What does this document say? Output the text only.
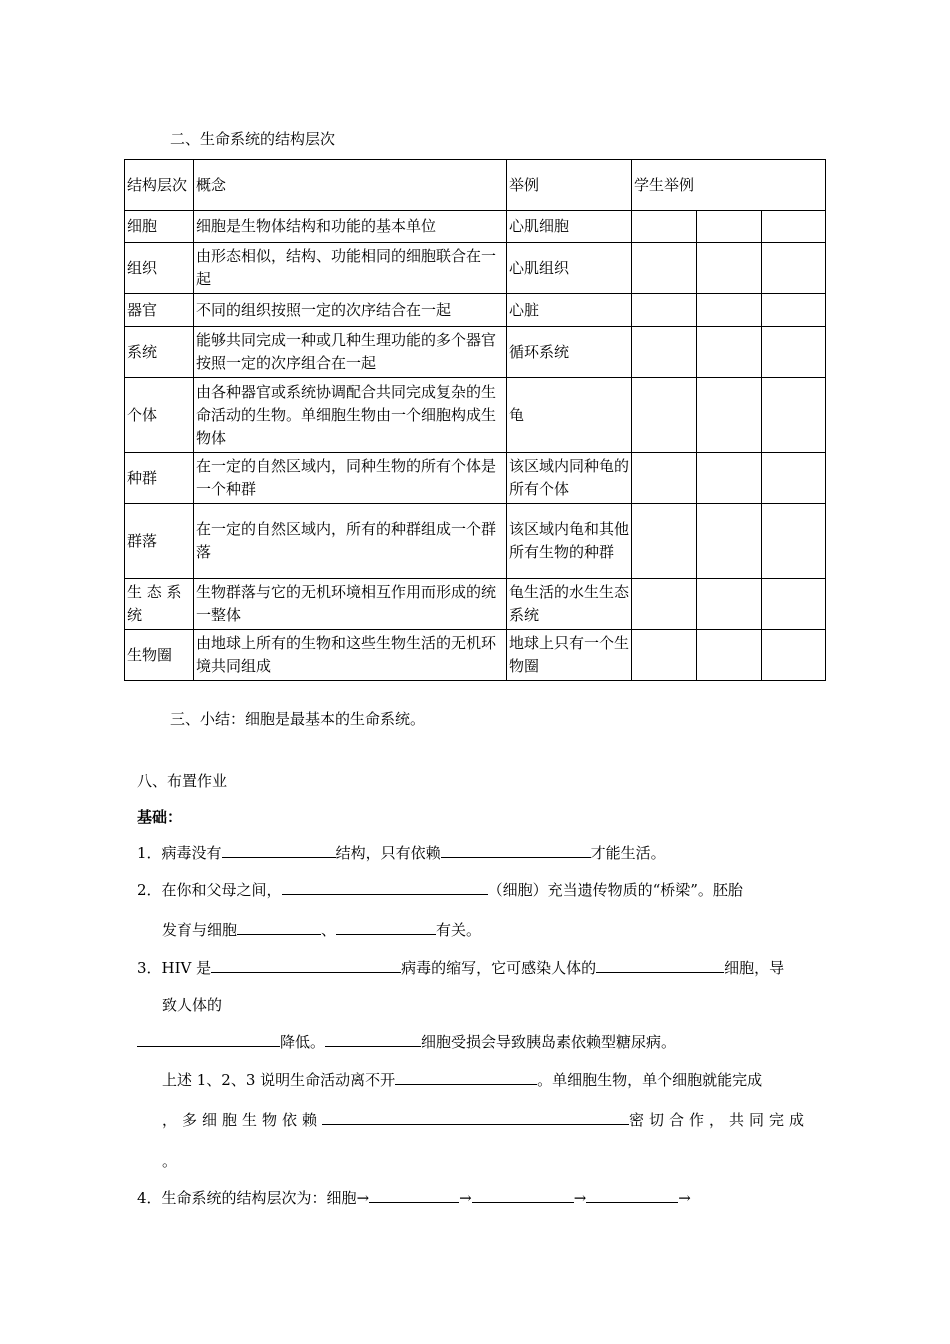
二、生命系统的结构层次
结构层次	概念	举例	学生举例		
细胞	细胞是生物体结构和功能的基本单位	心肌细胞			
组织	由形态相似，结构、功能相同的细胞联合在一起	心肌组织			
器官	不同的组织按照一定的次序结合在一起	心脏			
系统	能够共同完成一种或几种生理功能的多个器官按照一定的次序组合在一起	循环系统			
个体	由各种器官或系统协调配合共同完成复杂的生命活动的生物。单细胞生物由一个细胞构成生物体	龟			
种群	在一定的自然区域内，同种生物的所有个体是一个种群	该区域内同种龟的所有个体			
群落	在一定的自然区域内，所有的种群组成一个群落	该区域内龟和其他所有生物的种群			
生 态 系统	生物群落与它的无机环境相互作用而形成的统一整体	龟生活的水生生态系统			
生物圈	由地球上所有的生物和这些生物生活的无机环境共同组成	地球上只有一个生物圈			
三、小结：细胞是最基本的生命系统。
八、布置作业
基础：
1．病毒没有	结构，只有依赖	才能生活。
2．在你和父母之间，	（细胞）充当遗传物质的“桥梁”。胚胎
发育与细胞	、	有关。
3．HIV 是	病毒的缩写，它可感染人体的	细胞，导
致人体的
降低。	细胞受损会导致胰岛素依赖型糖尿病。
上述 1、2、3 说明生命活动离不开	。单细胞生物，单个细胞就能完成
，多细胞生物依赖	密切合作，共同完成
。
4．生命系统的结构层次为：细胞→	→	→	→
